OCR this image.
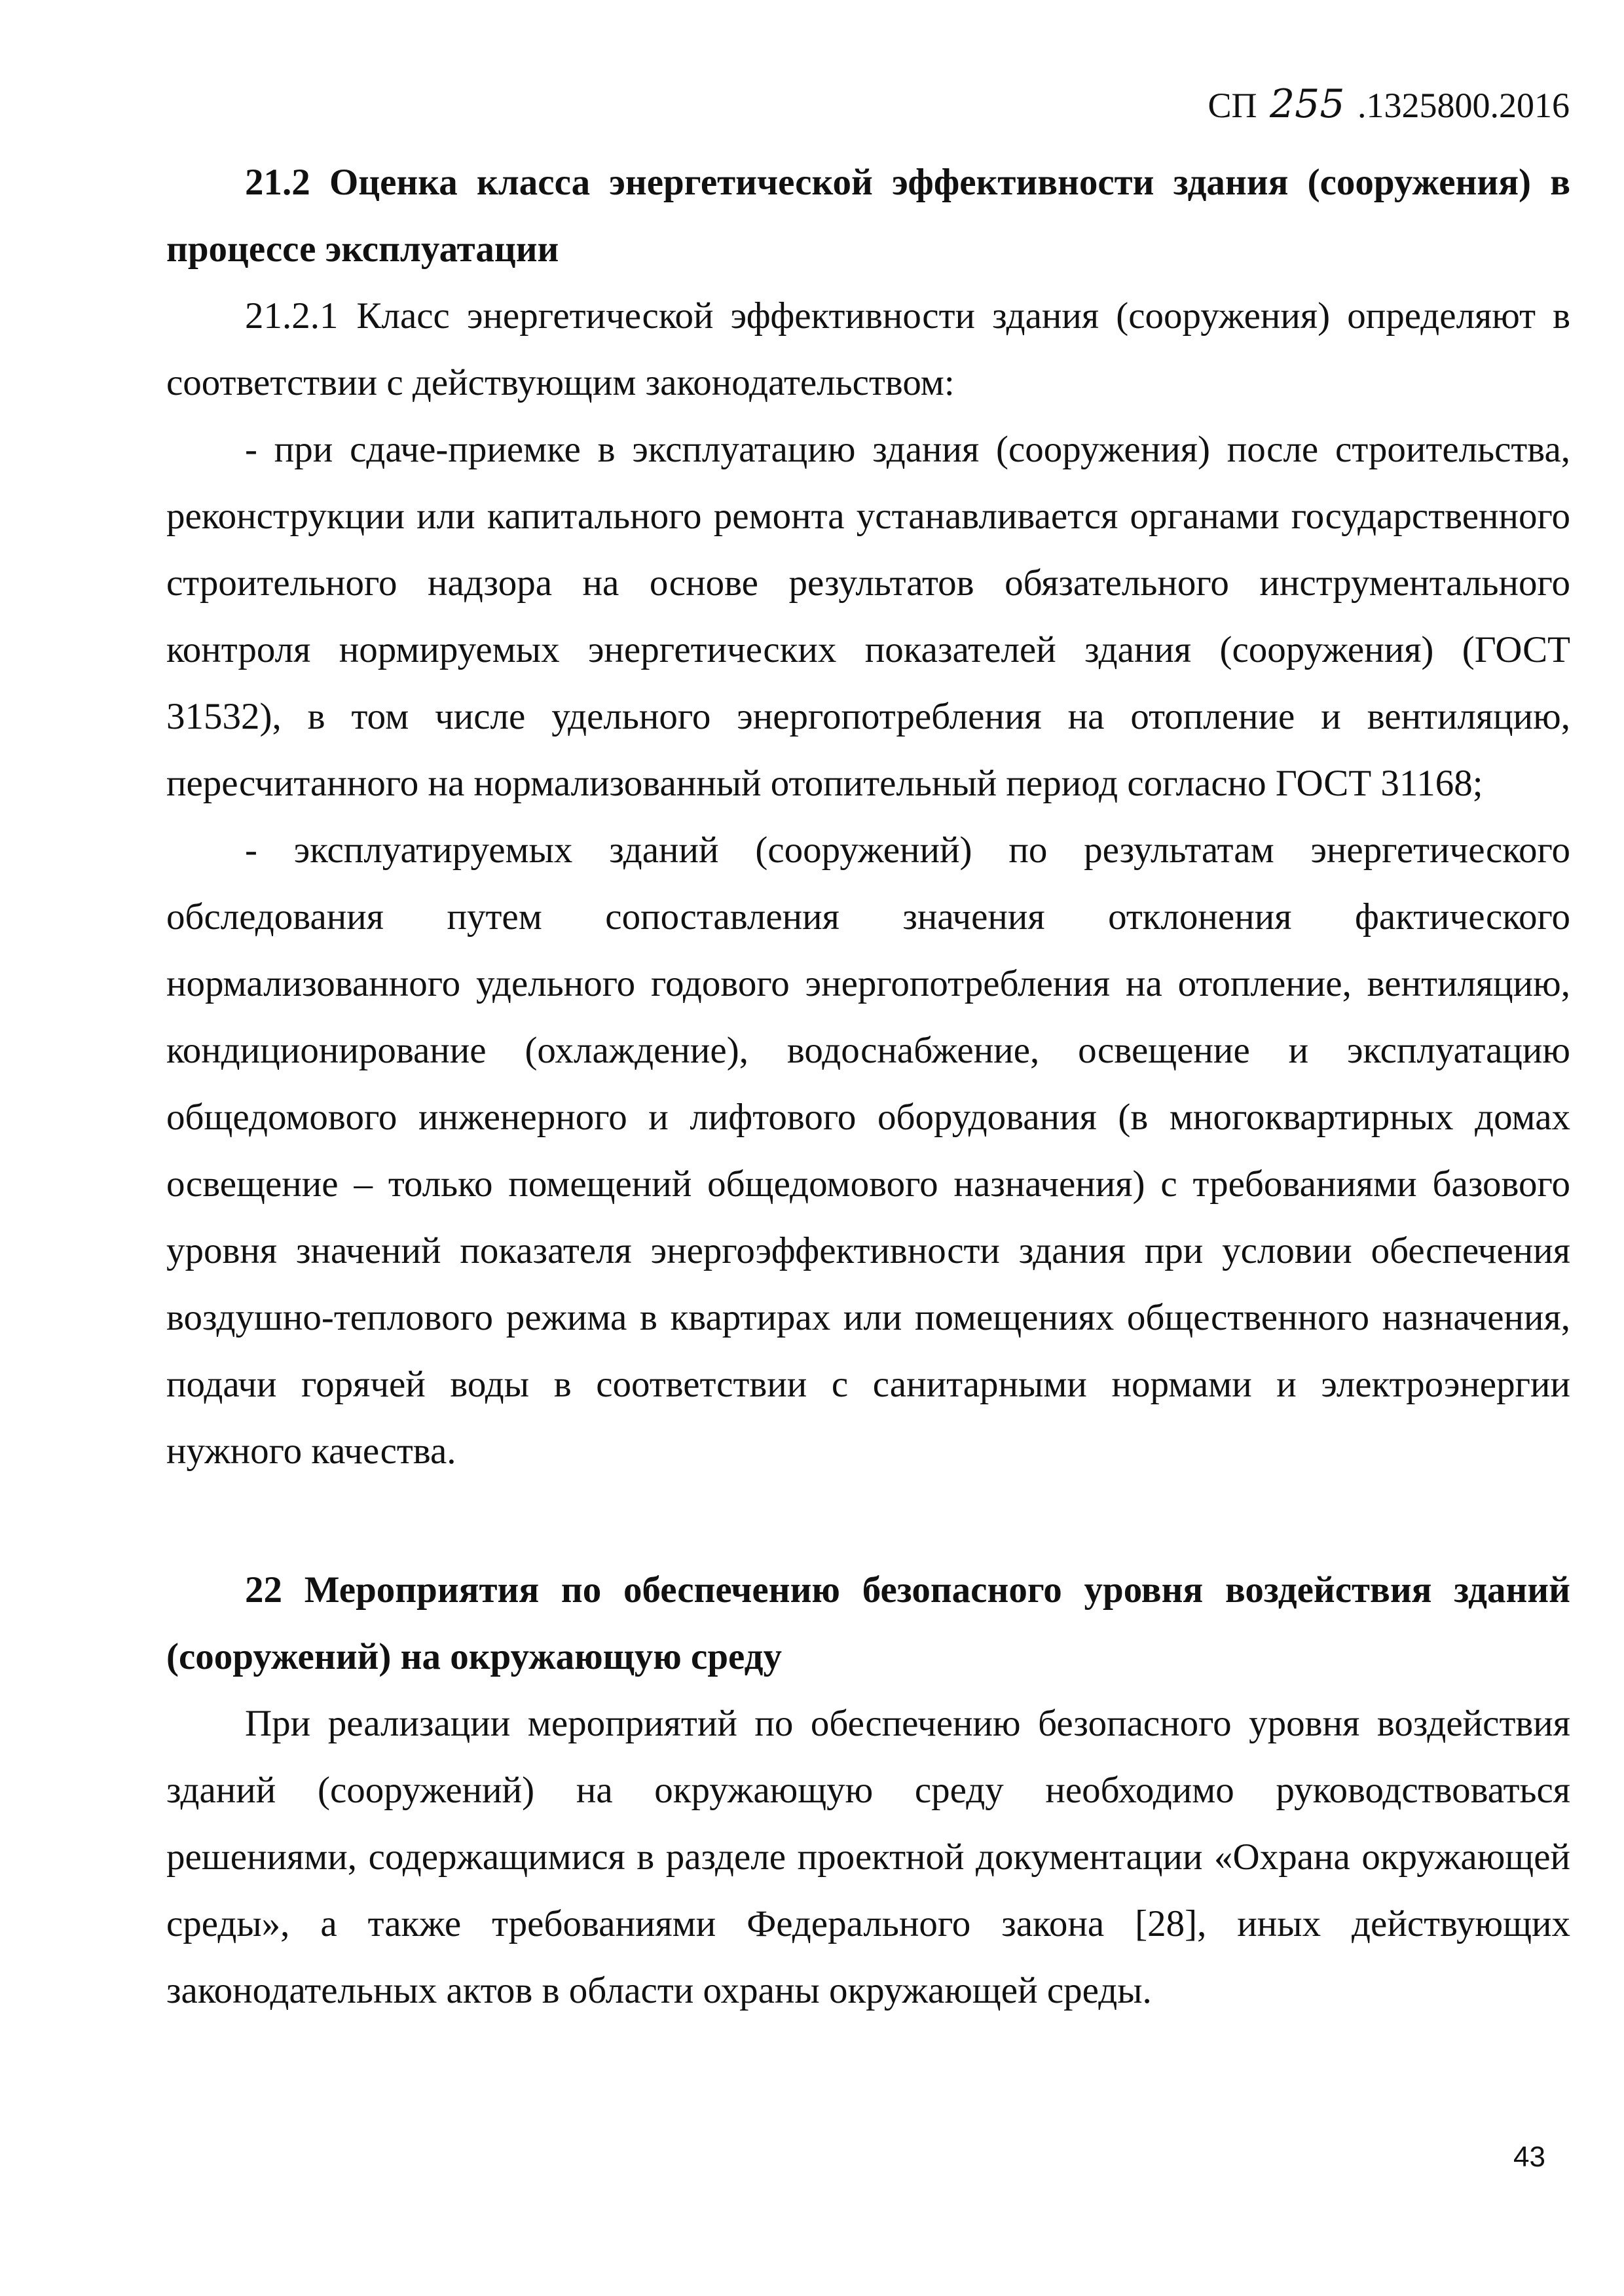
СП 255 .1325800.2016

21.2 Оценка класса энергетической эффективности здания (сооружения) в процессе эксплуатации

21.2.1 Класс энергетической эффективности здания (сооружения) определяют в соответствии с действующим законодательством:

- при сдаче-приемке в эксплуатацию здания (сооружения) после строительства, реконструкции или капитального ремонта устанавливается органами государственного строительного надзора на основе результатов обязательного инструментального контроля нормируемых энергетических показателей здания (сооружения) (ГОСТ 31532), в том числе удельного энергопотребления на отопление и вентиляцию, пересчитанного на нормализованный отопительный период согласно ГОСТ 31168;

- эксплуатируемых зданий (сооружений) по результатам энергетического обследования путем сопоставления значения отклонения фактического нормализованного удельного годового энергопотребления на отопление, вентиляцию, кондиционирование (охлаждение), водоснабжение, освещение и эксплуатацию общедомового инженерного и лифтового оборудования (в многоквартирных домах освещение – только помещений общедомового назначения) с требованиями базового уровня значений показателя энергоэффективности здания при условии обеспечения воздушно-теплового режима в квартирах или помещениях общественного назначения, подачи горячей воды в соответствии с санитарными нормами и электроэнергии нужного качества.

22 Мероприятия по обеспечению безопасного уровня воздействия зданий (сооружений) на окружающую среду

При реализации мероприятий по обеспечению безопасного уровня воздействия зданий (сооружений) на окружающую среду необходимо руководствоваться решениями, содержащимися в разделе проектной документации «Охрана окружающей среды», а также требованиями Федерального закона [28], иных действующих законодательных актов в области охраны окружающей среды.

43
